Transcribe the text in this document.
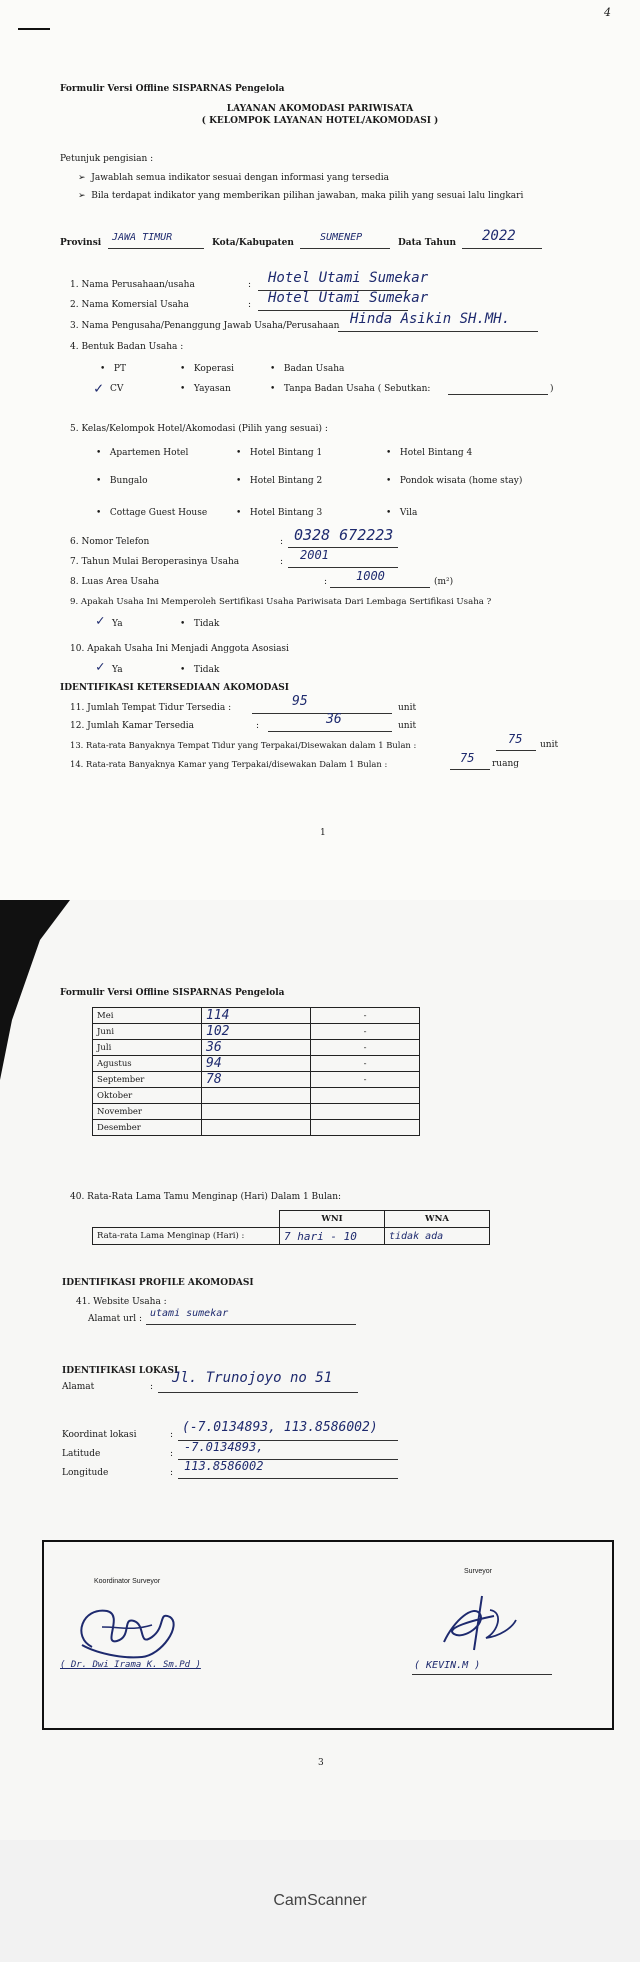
4
Formulir Versi Offline SISPARNAS Pengelola
LAYANAN AKOMODASI PARIWISATA
( KELOMPOK LAYANAN HOTEL/AKOMODASI )
Petunjuk pengisian :
➢  Jawablah semua indikator sesuai dengan informasi yang tersedia
➢  Bila terdapat indikator yang memberikan pilihan jawaban, maka pilih yang sesuai lalu lingkari
Provinsi JAWA TIMUR	Kota/Kabupaten	SUMENEP	Data Tahun 2022
1. Nama Perusahaan/usaha	: Hotel Utami Sumekar
2. Nama Komersial Usaha	: Hotel Utami Sumekar
3. Nama Pengusaha/Penanggung Jawab Usaha/Perusahaan Hinda Asikin SH.MH.
4. Bentuk Badan Usaha :
•   PT	•   Koperasi	•   Badan Usaha
✓ CV	•   Yayasan	•   Tanpa Badan Usaha ( Sebutkan:	)
5. Kelas/Kelompok Hotel/Akomodasi (Pilih yang sesuai) :
•   Apartemen Hotel	•   Hotel Bintang 1	•   Hotel Bintang 4
•   Bungalo	•   Hotel Bintang 2	•   Pondok wisata (home stay)
•   Cottage Guest House	•   Hotel Bintang 3	•   Vila
6. Nomor Telefon	: 0328 672223
7. Tahun Mulai Beroperasinya Usaha	: 2001
8. Luas Area Usaha	: 1000	(m²)
9. Apakah Usaha Ini Memperoleh Sertifikasi Usaha Pariwisata Dari Lembaga Sertifikasi Usaha ?
✓ Ya	•   Tidak
10. Apakah Usaha Ini Menjadi Anggota Asosiasi
✓ Ya	•   Tidak
IDENTIFIKASI KETERSEDIAAN AKOMODASI
11. Jumlah Tempat Tidur Tersedia :	95	unit
12. Jumlah Kamar Tersedia	:	36	unit
13. Rata-rata Banyaknya Tempat Tidur yang Terpakai/Disewakan dalam 1 Bulan :	75 unit
14. Rata-rata Banyaknya Kamar yang Terpakai/disewakan Dalam 1 Bulan :	75 ruang
1
Formulir Versi Offline SISPARNAS Pengelola
Mei	114	-
Juni	102	-
Juli	36	-
Agustus	94	-
September	78	-
Oktober		
November		
Desember		
40. Rata-Rata Lama Tamu Menginap (Hari) Dalam 1 Bulan:
	WNI	WNA
Rata-rata Lama Menginap (Hari) :	7 hari - 10	tidak ada
IDENTIFIKASI PROFILE AKOMODASI
41. Website Usaha :
Alamat url : utami sumekar
IDENTIFIKASI LOKASI
Alamat	:
Jl. Trunojoyo no 51
Koordinat lokasi	: (-7.0134893, 113.8586002)
Latitude	: -7.0134893,
Longitude	: 113.8586002
Koordinator Surveyor
( Dr. Dwi Irama K. Sm.Pd )
Surveyor
( KEVIN.M )
3
CamScanner
